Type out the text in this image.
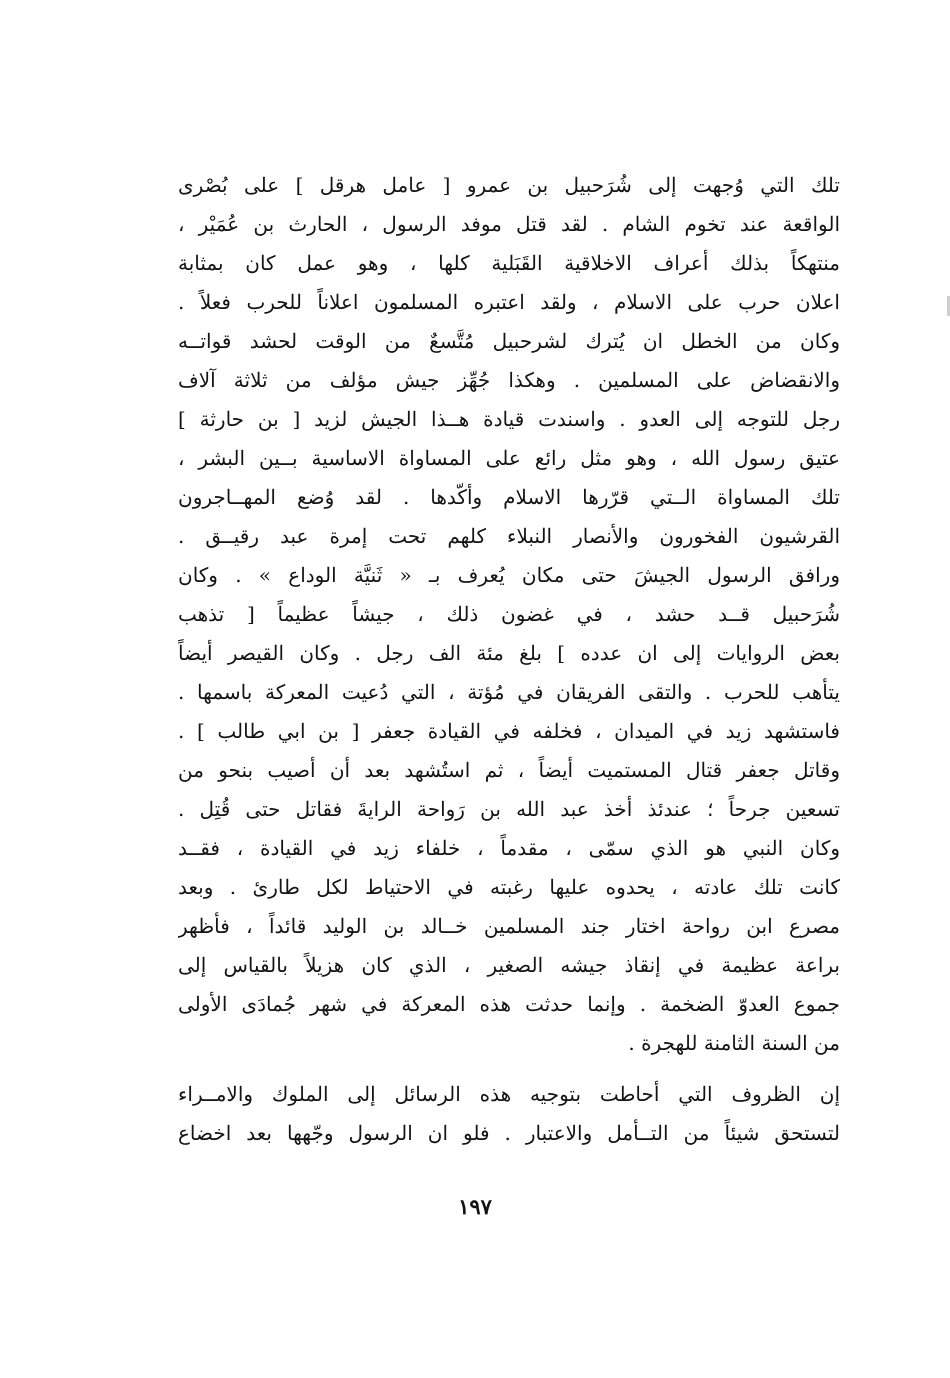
تلك التي وُجهت إلى شُرَحبيل بن عمرو [ عامل هرقل ] على بُصْرى
الواقعة عند تخوم الشام . لقد قتل موفد الرسول ، الحارث بن عُمَيْر ،
منتهكاً بذلك أعراف الاخلاقية القَبَلية كلها ، وهو عمل كان بمثابة
اعلان حرب على الاسلام ، ولقد اعتبره المسلمون اعلاناً للحرب فعلاً .
وكان من الخطل ان يُترك لشرحبيل مُتَّسعٌ من الوقت لحشد قواتــه
والانقضاض على المسلمين . وهكذا جُهِّز جيش مؤلف من ثلاثة آلاف
رجل للتوجه إلى العدو . واسندت قيادة هــذا الجيش لزيد [ بن حارثة ]
عتيق رسول الله ، وهو مثل رائع على المساواة الاساسية بــين البشر ،
تلك المساواة الــتي قرّرها الاسلام وأكّدها . لقد وُضع المهــاجرون
القرشيون الفخورون والأنصار النبلاء كلهم تحت إمرة عبد رقيــق .
ورافق الرسول الجيشَ حتى مكان يُعرف بـ « ثَنيَّة الوداع » . وكان
شُرَحبيل قــد حشد ، في غضون ذلك ، جيشاً عظيماً [ تذهب
بعض الروايات إلى ان عدده ] بلغ مئة الف رجل . وكان القيصر أيضاً
يتأهب للحرب . والتقى الفريقان في مُؤتة ، التي دُعيت المعركة باسمها .
فاستشهد زيد في الميدان ، فخلفه في القيادة جعفر [ بن ابي طالب ] .
وقاتل جعفر قتال المستميت أيضاً ، ثم استُشهد بعد أن أصيب بنحو من
تسعين جرحاً ؛ عندئذ أخذ عبد الله بن رَواحة الرايةَ فقاتل حتى قُتِل .
وكان النبي هو الذي سمّى ، مقدماً ، خلفاء زيد في القيادة ، فقــد
كانت تلك عادته ، يحدوه عليها رغبته في الاحتياط لكل طارئ . وبعد
مصرع ابن رواحة اختار جند المسلمين خــالد بن الوليد قائداً ، فأظهر
براعة عظيمة في إنقاذ جيشه الصغير ، الذي كان هزيلاً بالقياس إلى
جموع العدوّ الضخمة . وإنما حدثت هذه المعركة في شهر جُمادَى الأولى
من السنة الثامنة للهجرة .
إن الظروف التي أحاطت بتوجيه هذه الرسائل إلى الملوك والامــراء
لتستحق شيئاً من التــأمل والاعتبار . فلو ان الرسول وجّهها بعد اخضاع
١٩٧
